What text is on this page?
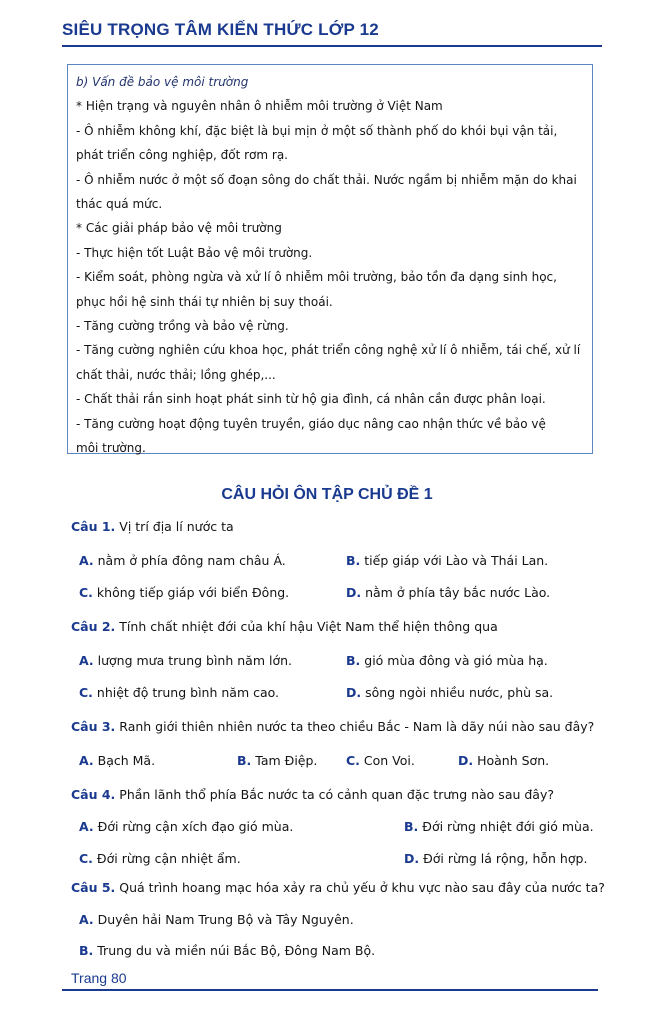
SIÊU TRỌNG TÂM KIẾN THỨC LỚP 12
b) Vấn đề bảo vệ môi trường
* Hiện trạng và nguyên nhân ô nhiễm môi trường ở Việt Nam
- Ô nhiễm không khí, đặc biệt là bụi mịn ở một số thành phố do khói bụi vận tải,
phát triển công nghiệp, đốt rơm rạ.
- Ô nhiễm nước ở một số đoạn sông do chất thải. Nước ngầm bị nhiễm mặn do khai
thác quá mức.
* Các giải pháp bảo vệ môi trường
- Thực hiện tốt Luật Bảo vệ môi trường.
- Kiểm soát, phòng ngừa và xử lí ô nhiễm môi trường, bảo tồn đa dạng sinh học,
phục hồi hệ sinh thái tự nhiên bị suy thoái.
- Tăng cường trồng và bảo vệ rừng.
- Tăng cường nghiên cứu khoa học, phát triển công nghệ xử lí ô nhiễm, tái chế, xử lí
chất thải, nước thải; lồng ghép,...
- Chất thải rắn sinh hoạt phát sinh từ hộ gia đình, cá nhân cần được phân loại.
- Tăng cường hoạt động tuyên truyền, giáo dục nâng cao nhận thức về bảo vệ
môi trường.
CÂU HỎI ÔN TẬP CHỦ ĐỀ 1
Câu 1. Vị trí địa lí nước ta
A. nằm ở phía đông nam châu Á.	B. tiếp giáp với Lào và Thái Lan.
C. không tiếp giáp với biển Đông.	D. nằm ở phía tây bắc nước Lào.
Câu 2. Tính chất nhiệt đới của khí hậu Việt Nam thể hiện thông qua
A. lượng mưa trung bình năm lớn.	B. gió mùa đông và gió mùa hạ.
C. nhiệt độ trung bình năm cao.	D. sông ngòi nhiều nước, phù sa.
Câu 3. Ranh giới thiên nhiên nước ta theo chiều Bắc - Nam là dãy núi nào sau đây?
A. Bạch Mã.	B. Tam Điệp. C. Con Voi.	D. Hoành Sơn.
Câu 4. Phần lãnh thổ phía Bắc nước ta có cảnh quan đặc trưng nào sau đây?
A. Đới rừng cận xích đạo gió mùa.	B. Đới rừng nhiệt đới gió mùa.
C. Đới rừng cận nhiệt ẩm.	D. Đới rừng lá rộng, hỗn hợp.
Câu 5. Quá trình hoang mạc hóa xảy ra chủ yếu ở khu vực nào sau đây của nước ta?
A. Duyên hải Nam Trung Bộ và Tây Nguyên.
B. Trung du và miền núi Bắc Bộ, Đông Nam Bộ.
Trang 80
